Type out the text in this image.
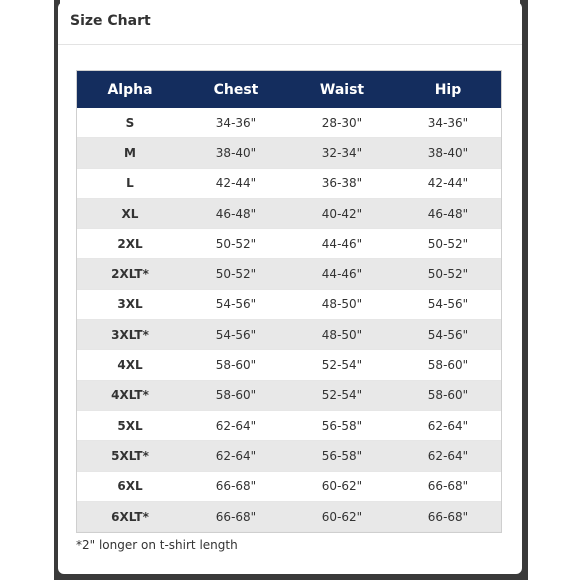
Size Chart
Alpha	Chest	Waist	Hip
S	34-36"	28-30"	34-36"
M	38-40"	32-34"	38-40"
L	42-44"	36-38"	42-44"
XL	46-48"	40-42"	46-48"
2XL	50-52"	44-46"	50-52"
2XLT*	50-52"	44-46"	50-52"
3XL	54-56"	48-50"	54-56"
3XLT*	54-56"	48-50"	54-56"
4XL	58-60"	52-54"	58-60"
4XLT*	58-60"	52-54"	58-60"
5XL	62-64"	56-58"	62-64"
5XLT*	62-64"	56-58"	62-64"
6XL	66-68"	60-62"	66-68"
6XLT*	66-68"	60-62"	66-68"
*2" longer on t-shirt length
